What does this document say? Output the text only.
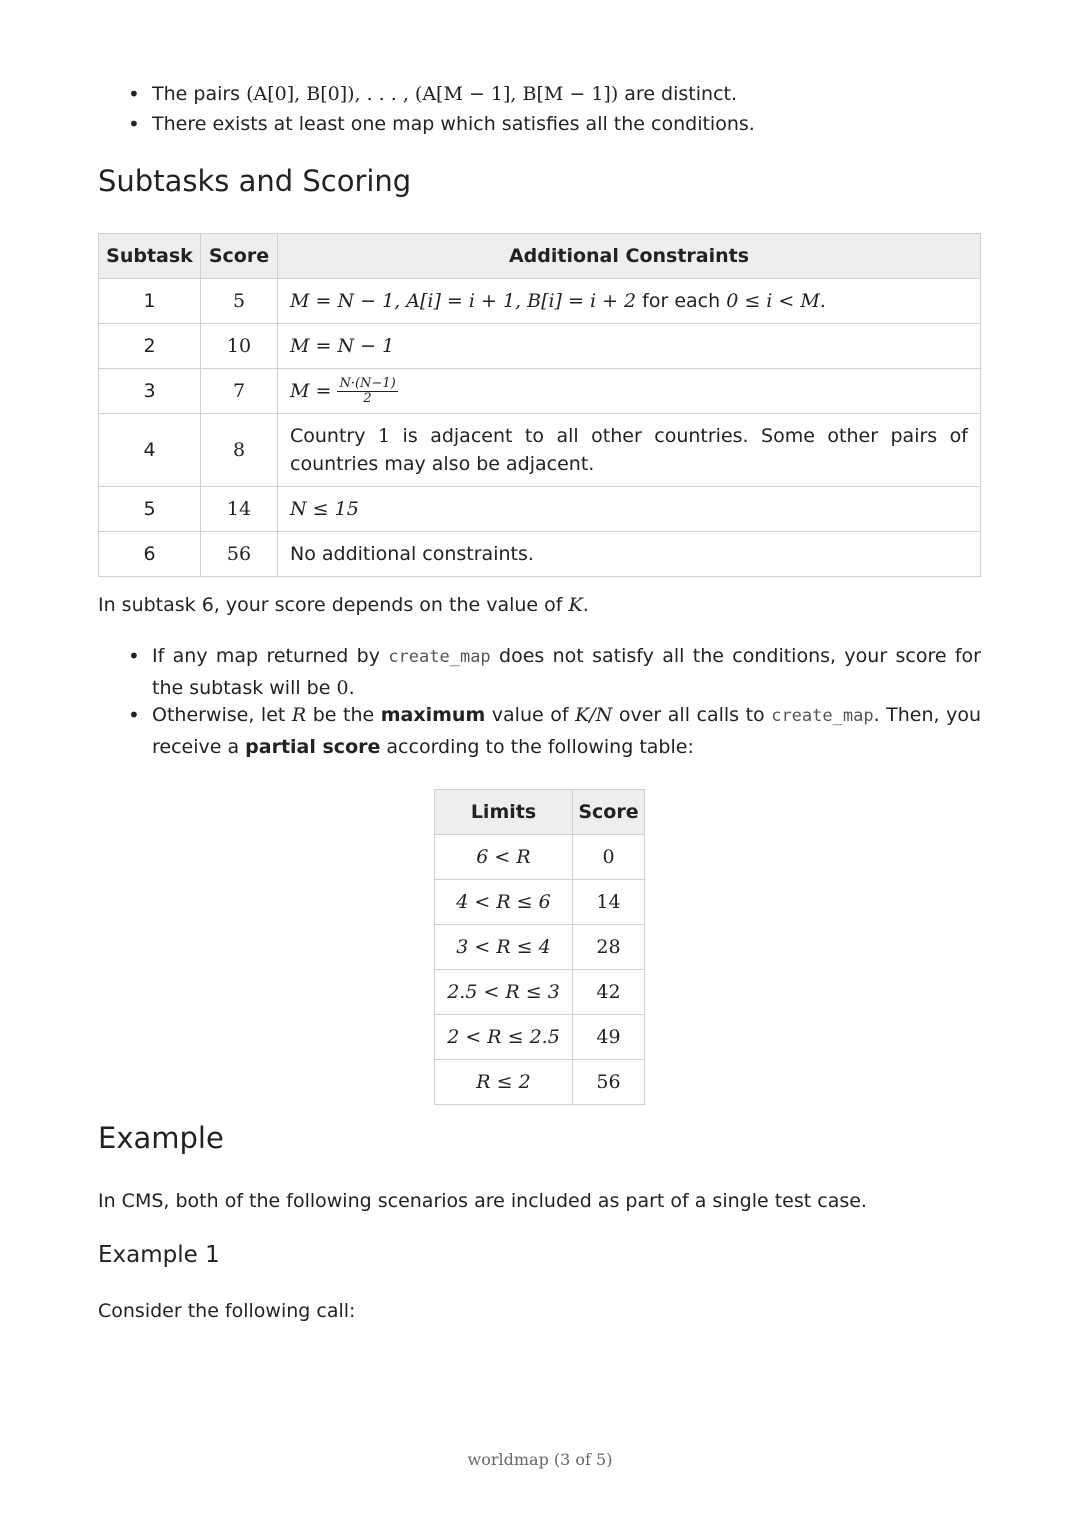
• The pairs (A[0], B[0]), . . . , (A[M − 1], B[M − 1]) are distinct.
• There exists at least one map which satisfies all the conditions.
Subtasks and Scoring
Subtask	Score	Additional Constraints
1	5	M = N − 1, A[i] = i + 1, B[i] = i + 2 for each 0 ≤ i < M.
2	10	M = N − 1
3	7	$M = \frac{N\cdot(N-1)}{2}$

4	8	Country 1 is adjacent to all other countries. Some other pairs of countries may also be adjacent.
5	14	N ≤ 15
6	56	No additional constraints.
In subtask 6, your score depends on the value of K.
• If any map returned by create_map does not satisfy all the conditions, your score for the subtask will be 0.
• Otherwise, let R be the maximum value of K/N over all calls to create_map. Then, you receive a partial score according to the following table:
Limits	Score
6 < R	0
4 < R ≤ 6	14
3 < R ≤ 4	28
2.5 < R ≤ 3	42
2 < R ≤ 2.5	49
R ≤ 2	56
Example
In CMS, both of the following scenarios are included as part of a single test case.
Example 1
Consider the following call:
worldmap (3 of 5)
